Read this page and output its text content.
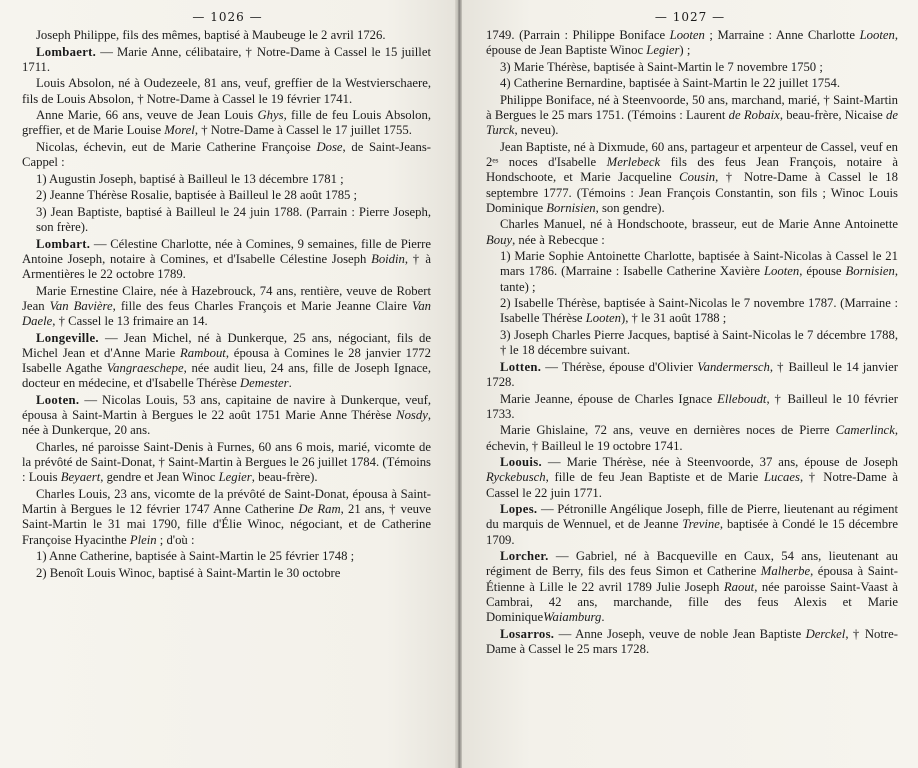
— 1026 —

Joseph Philippe, fils des mêmes, baptisé à Maubeuge le 2 avril 1726.

Lombaert. — Marie Anne, célibataire, † Notre-Dame à Cassel le 15 juillet 1711.

Louis Absolon, né à Oudezeele, 81 ans, veuf, greffier de la Westvierschaere, fils de Louis Absolon, † Notre-Dame à Cassel le 19 février 1741.

Anne Marie, 66 ans, veuve de Jean Louis Ghys, fille de feu Louis Absolon, greffier, et de Marie Louise Morel, † Notre-Dame à Cassel le 17 juillet 1755.

Nicolas, échevin, eut de Marie Catherine Françoise Dose, de Saint-Jeans-Cappel :

1) Augustin Joseph, baptisé à Bailleul le 13 décembre 1781 ;

2) Jeanne Thérèse Rosalie, baptisée à Bailleul le 28 août 1785 ;

3) Jean Baptiste, baptisé à Bailleul le 24 juin 1788. (Parrain : Pierre Joseph, son frère).

Lombart. — Célestine Charlotte, née à Comines, 9 semaines, fille de Pierre Antoine Joseph, notaire à Comines, et d'Isabelle Célestine Joseph Boidin, † à Armentières le 22 octobre 1789.

Marie Ernestine Claire, née à Hazebrouck, 74 ans, rentière, veuve de Robert Jean Van Bavière, fille des feus Charles François et Marie Jeanne Claire Van Daele, † Cassel le 13 frimaire an 14.

Longeville. — Jean Michel, né à Dunkerque, 25 ans, négociant, fils de Michel Jean et d'Anne Marie Rambout, épousa à Comines le 28 janvier 1772 Isabelle Agathe Vangraeschepe, née audit lieu, 24 ans, fille de Joseph Ignace, docteur en médecine, et d'Isabelle Thérèse Demester.

Looten. — Nicolas Louis, 53 ans, capitaine de navire à Dunkerque, veuf, épousa à Saint-Martin à Bergues le 22 août 1751 Marie Anne Thérèse Nosdy, née à Dunkerque, 20 ans.

Charles, né paroisse Saint-Denis à Furnes, 60 ans 6 mois, marié, vicomte de la prévôté de Saint-Donat, † Saint-Martin à Bergues le 26 juillet 1784. (Témoins : Louis Beyaert, gendre et Jean Winoc Legier, beau-frère).

Charles Louis, 23 ans, vicomte de la prévôté de Saint-Donat, épousa à Saint-Martin à Bergues le 12 février 1747 Anne Catherine De Ram, 21 ans, † veuve Saint-Martin le 31 mai 1790, fille d'Élie Winoc, négociant, et de Catherine Françoise Hyacinthe Plein ; d'où :

1) Anne Catherine, baptisée à Saint-Martin le 25 février 1748 ;

2) Benoît Louis Winoc, baptisé à Saint-Martin le 30 octobre

— 1027 —

1749. (Parrain : Philippe Boniface Looten ; Marraine : Anne Charlotte Looten, épouse de Jean Baptiste Winoc Legier) ;

3) Marie Thérèse, baptisée à Saint-Martin le 7 novembre 1750 ;

4) Catherine Bernardine, baptisée à Saint-Martin le 22 juillet 1754.

Philippe Boniface, né à Steenvoorde, 50 ans, marchand, marié, † Saint-Martin à Bergues le 25 mars 1751. (Témoins : Laurent de Robaix, beau-frère, Nicaise de Turck, neveu).

Jean Baptiste, né à Dixmude, 60 ans, partageur et arpenteur de Cassel, veuf en 2ᵉˢ noces d'Isabelle Merlebeck fils des feus Jean François, notaire à Hondschoote, et Marie Jacqueline Cousin, † Notre-Dame à Cassel le 18 septembre 1777. (Témoins : Jean François Constantin, son fils ; Winoc Louis Dominique Bornisien, son gendre).

Charles Manuel, né à Hondschoote, brasseur, eut de Marie Anne Antoinette Bouy, née à Rebecque :

1) Marie Sophie Antoinette Charlotte, baptisée à Saint-Nicolas à Cassel le 21 mars 1786. (Marraine : Isabelle Catherine Xavière Looten, épouse Bornisien, tante) ;

2) Isabelle Thérèse, baptisée à Saint-Nicolas le 7 novembre 1787. (Marraine : Isabelle Thérèse Looten), † le 31 août 1788 ;

3) Joseph Charles Pierre Jacques, baptisé à Saint-Nicolas le 7 décembre 1788, † le 18 décembre suivant.

Lotten. — Thérèse, épouse d'Olivier Vandermersch, † Bailleul le 14 janvier 1728.

Marie Jeanne, épouse de Charles Ignace Elleboudt, † Bailleul le 10 février 1733.

Marie Ghislaine, 72 ans, veuve en dernières noces de Pierre Camerlinck, échevin, † Bailleul le 19 octobre 1741.

Loouis. — Marie Thérèse, née à Steenvoorde, 37 ans, épouse de Joseph Ryckebusch, fille de feu Jean Baptiste et de Marie Lucaes, † Notre-Dame à Cassel le 22 juin 1771.

Lopes. — Pétronille Angélique Joseph, fille de Pierre, lieutenant au régiment du marquis de Wennuel, et de Jeanne Trevine, baptisée à Condé le 15 décembre 1709.

Lorcher. — Gabriel, né à Bacqueville en Caux, 54 ans, lieutenant au régiment de Berry, fils des feus Simon et Catherine Malherbe, épousa à Saint-Étienne à Lille le 22 avril 1789 Julie Joseph Raout, née paroisse Saint-Vaast à Cambrai, 42 ans, marchande, fille des feus Alexis et Marie DominiqueWaiamburg.

Losarros. — Anne Joseph, veuve de noble Jean Baptiste Derckel, † Notre-Dame à Cassel le 25 mars 1728.
